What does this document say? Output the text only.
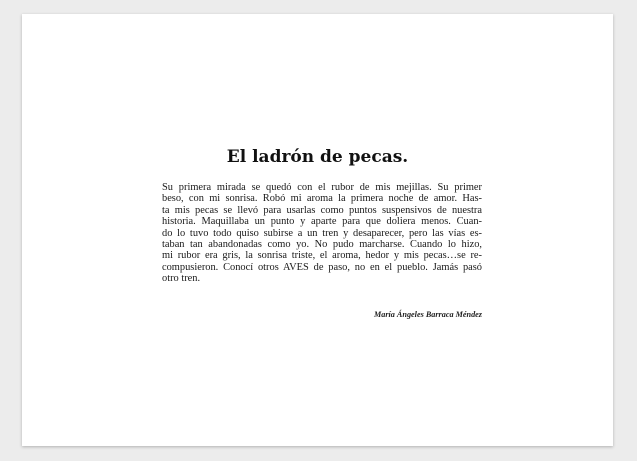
El ladrón de pecas.
Su primera mirada se quedó con el rubor de mis mejillas. Su primer
beso, con mi sonrisa. Robó mi aroma la primera noche de amor. Has-
ta mis pecas se llevó para usarlas como puntos suspensivos de nuestra
historia. Maquillaba un punto y aparte para que doliera menos. Cuan-
do lo tuvo todo quiso subirse a un tren y desaparecer, pero las vías es-
taban tan abandonadas como yo. No pudo marcharse. Cuando lo hizo,
mi rubor era gris, la sonrisa triste, el aroma, hedor y mis pecas…se re-
compusieron. Conocí otros AVES de paso, no en el pueblo. Jamás pasó
otro tren.

María Ángeles Barraca Méndez
